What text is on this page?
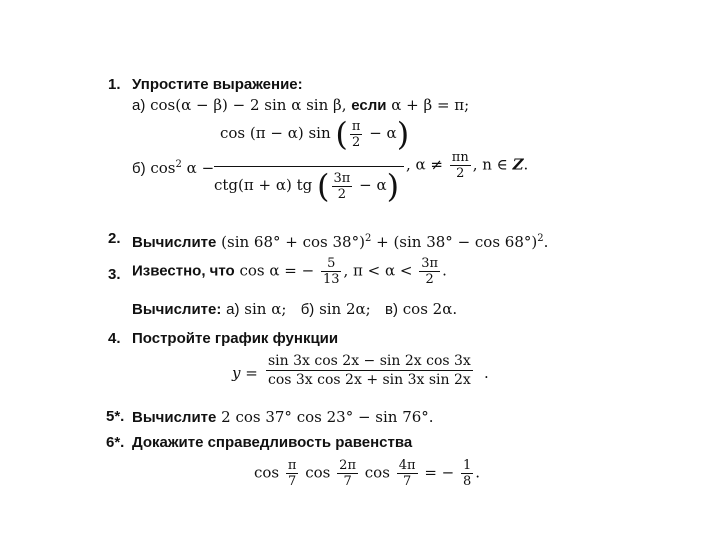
1. Упростите выражение:
а) cos(α − β) − 2 sin α sin β, если α + β = π;
б) $\cos^2 \alpha$ −
cos (π − α) sin ( $\frac{\pi}{2} - \alpha$)
ctg(π + α) tg ( $\frac{3\pi}{2} - \alpha$)
, $\alpha \ne \frac{\pi n}{2}$ , n ∈ Z.
2. Вычислите (sin 68° + cos 38°)$^2$ + (sin 38° − cos 68°)$^2$.
3. Известно, что cos α = − $\frac{5}{13}$ , $\pi < \alpha < \frac{3\pi}{2}$ .
Вычислите: а) sin α; б) sin 2α; в) cos 2α.
4. Постройте график функции
$y = \frac{\text{sin 3x cos 2x − sin 2x cos 3x}}{\text{cos 3x cos 2x + sin 3x sin 2x}}$ .
5*. Вычислите 2 cos 37° cos 23° − sin 76°.
6*. Докажите справедливость равенства
$\cos \frac{\pi}{7}$ $\cos \frac{2\pi}{7}$ $\cos \frac{4\pi}{7}$ = − $\frac{1}{8}$ .
